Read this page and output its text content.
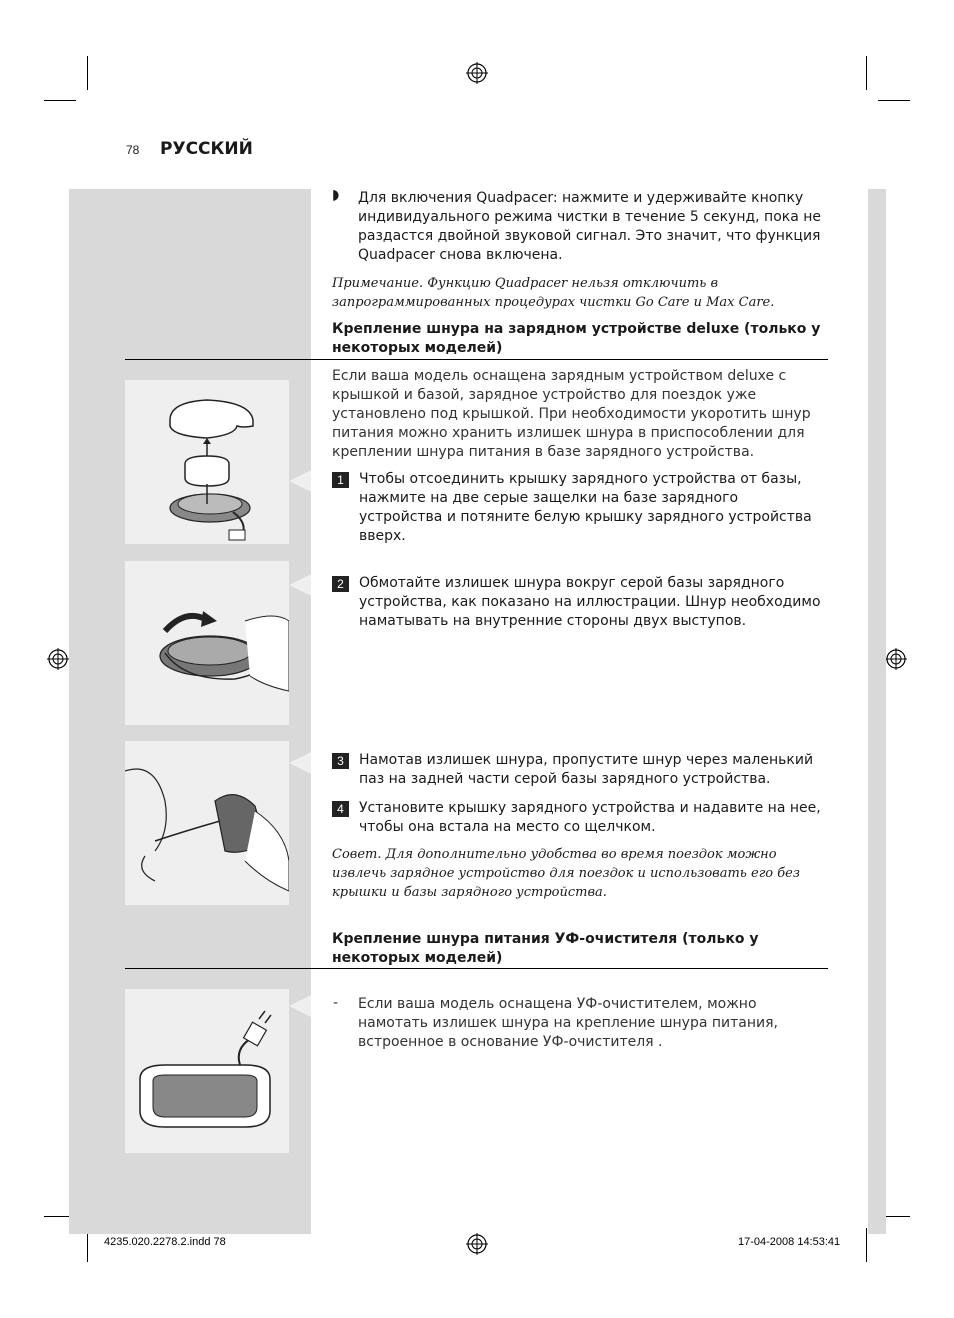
78 РУССКИЙ
◗ Для включения Quadpacer: нажмите и удерживайте кнопку индивидуального режима чистки в течение 5 секунд, пока не раздастся двойной звуковой сигнал. Это значит, что функция Quadpacer снова включена.
Примечание. Функцию Quadpacer нельзя отключить в запрограммированных процедурах чистки Go Care и Max Care.
Крепление шнура на зарядном устройстве deluxe (только у некоторых моделей)
Если ваша модель оснащена зарядным устройством deluxe с крышкой и базой, зарядное устройство для поездок уже установлено под крышкой. При необходимости укоротить шнур питания можно хранить излишек шнура в приспособлении для креплении шнура питания в базе зарядного устройства.
1	Чтобы отсоединить крышку зарядного устройства от базы, нажмите на две серые защелки на базе зарядного устройства и потяните белую крышку зарядного устройства вверх.
2	Обмотайте излишек шнура вокруг серой базы зарядного устройства, как показано на иллюстрации. Шнур необходимо наматывать на внутренние стороны двух выступов.
3	Намотав излишек шнура, пропустите шнур через маленький паз на задней части серой базы зарядного устройства.
4	Установите крышку зарядного устройства и надавите на нее, чтобы она встала на место со щелчком.
Совет. Для дополнительно удобства во время поездок можно извлечь зарядное устройство для поездок и использовать его без крышки и базы зарядного устройства.
Крепление шнура питания УФ-очистителя (только у некоторых моделей)
- Если ваша модель оснащена УФ-очистителем, можно намотать излишек шнура на крепление шнура питания, встроенное в основание УФ-очистителя .
4235.020.2278.2.indd 78	17-04-2008 14:53:41
